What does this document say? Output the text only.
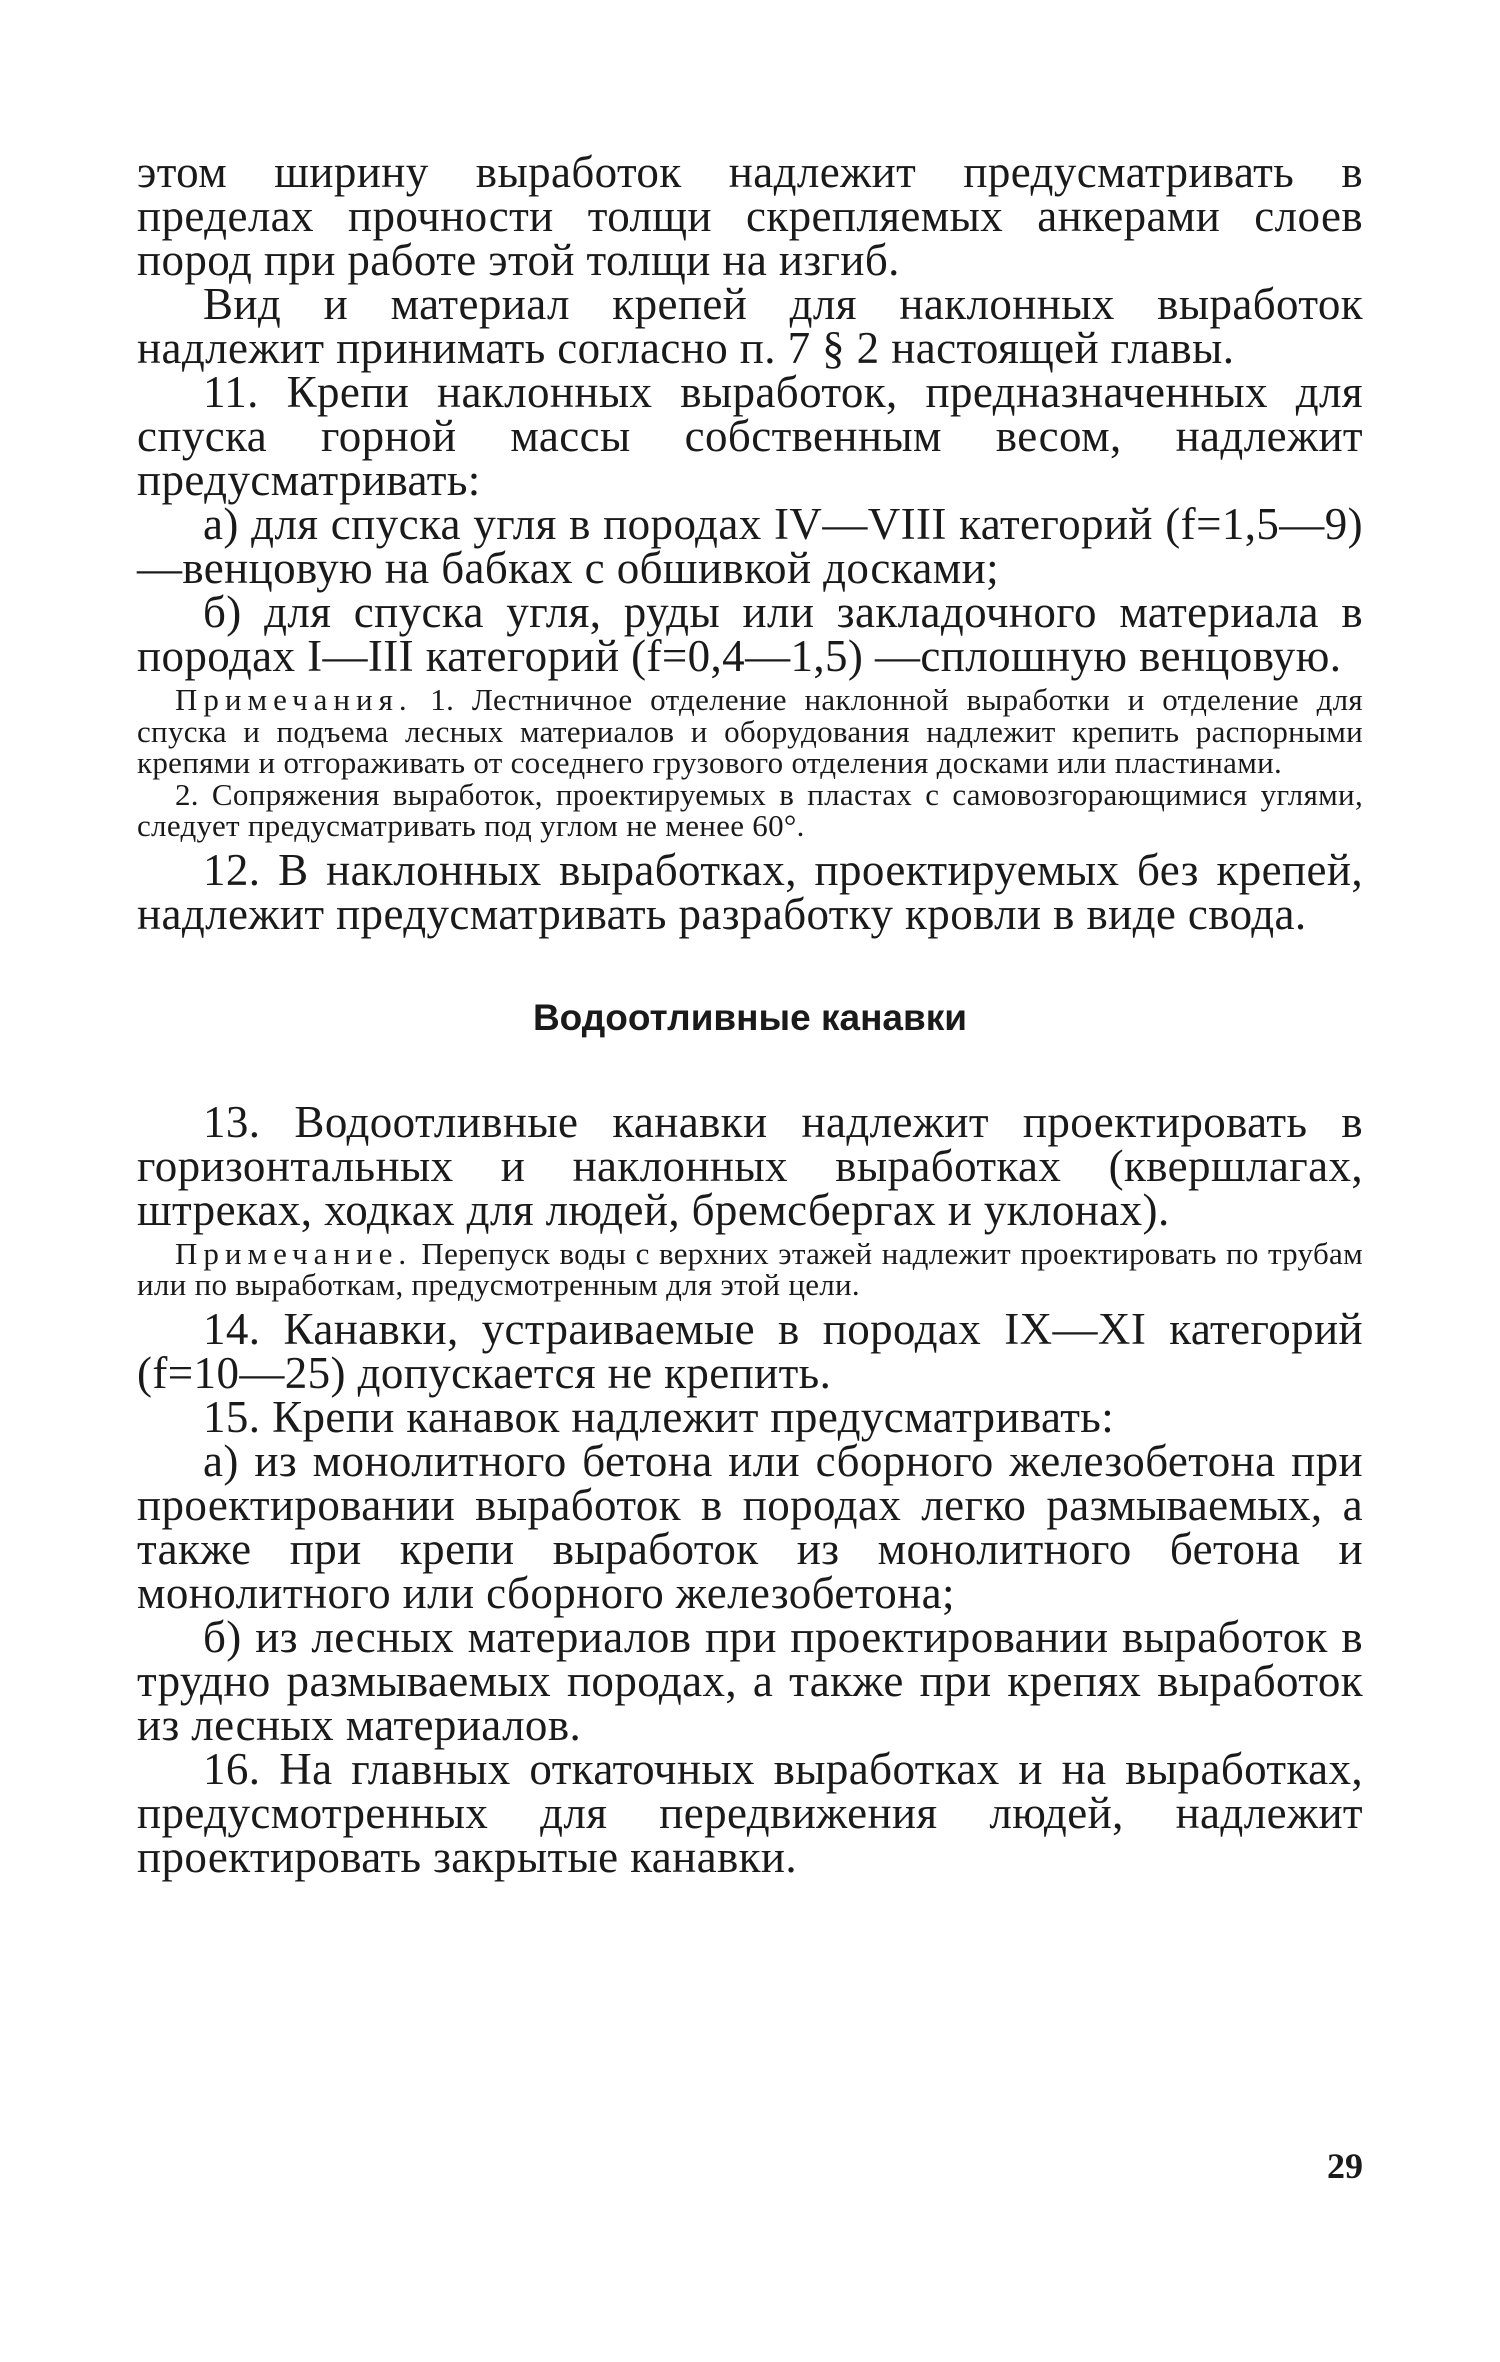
этом ширину выработок надлежит предусматривать в пределах прочности толщи скрепляемых анкерами слоев пород при работе этой толщи на изгиб.

Вид и материал крепей для наклонных выработок надлежит принимать согласно п. 7 § 2 настоящей главы.

11. Крепи наклонных выработок, предназначенных для спуска горной массы собственным весом, надлежит предусматривать:

а) для спуска угля в породах IV—VIII категорий (f=1,5—9) —венцовую на бабках с обшивкой досками;

б) для спуска угля, руды или закладочного материала в породах I—III категорий (f=0,4—1,5) —сплошную венцовую.

Примечания. 1. Лестничное отделение наклонной выработки и отделение для спуска и подъема лесных материалов и оборудования надлежит крепить распорными крепями и отгораживать от соседнего грузового отделения досками или пластинами.

2. Сопряжения выработок, проектируемых в пластах с самовозгорающимися углями, следует предусматривать под углом не менее 60°.

12. В наклонных выработках, проектируемых без крепей, надлежит предусматривать разработку кровли в виде свода.

Водоотливные канавки

13. Водоотливные канавки надлежит проектировать в горизонтальных и наклонных выработках (квершлагах, штреках, ходках для людей, бремсбергах и уклонах).

Примечание. Перепуск воды с верхних этажей надлежит проектировать по трубам или по выработкам, предусмотренным для этой цели.

14. Канавки, устраиваемые в породах IX—XI категорий (f=10—25) допускается не крепить.

15. Крепи канавок надлежит предусматривать:

а) из монолитного бетона или сборного железобетона при проектировании выработок в породах легко размываемых, а также при крепи выработок из монолитного бетона и монолитного или сборного железобетона;

б) из лесных материалов при проектировании выработок в трудно размываемых породах, а также при крепях выработок из лесных материалов.

16. На главных откаточных выработках и на выработках, предусмотренных для передвижения людей, надлежит проектировать закрытые канавки.

29
